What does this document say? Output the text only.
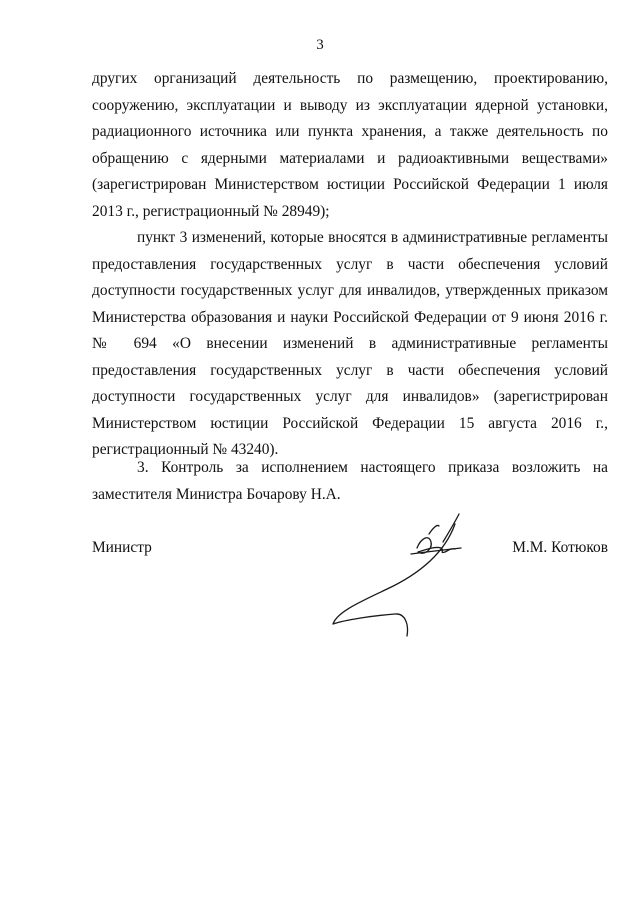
3

других организаций деятельность по размещению, проектированию, сооружению, эксплуатации и выводу из эксплуатации ядерной установки, радиационного источника или пункта хранения, а также деятельность по обращению с ядерными материалами и радиоактивными веществами» (зарегистрирован Министерством юстиции Российской Федерации 1 июля 2013 г., регистрационный № 28949);

пункт 3 изменений, которые вносятся в административные регламенты предоставления государственных услуг в части обеспечения условий доступности государственных услуг для инвалидов, утвержденных приказом Министерства образования и науки Российской Федерации от 9 июня 2016 г. № 694 «О внесении изменений в административные регламенты предоставления государственных услуг в части обеспечения условий доступности государственных услуг для инвалидов» (зарегистрирован Министерством юстиции Российской Федерации 15 августа 2016 г., регистрационный № 43240).

3. Контроль за исполнением настоящего приказа возложить на заместителя Министра Бочарову Н.А.

Министр	М.М. Котюков
